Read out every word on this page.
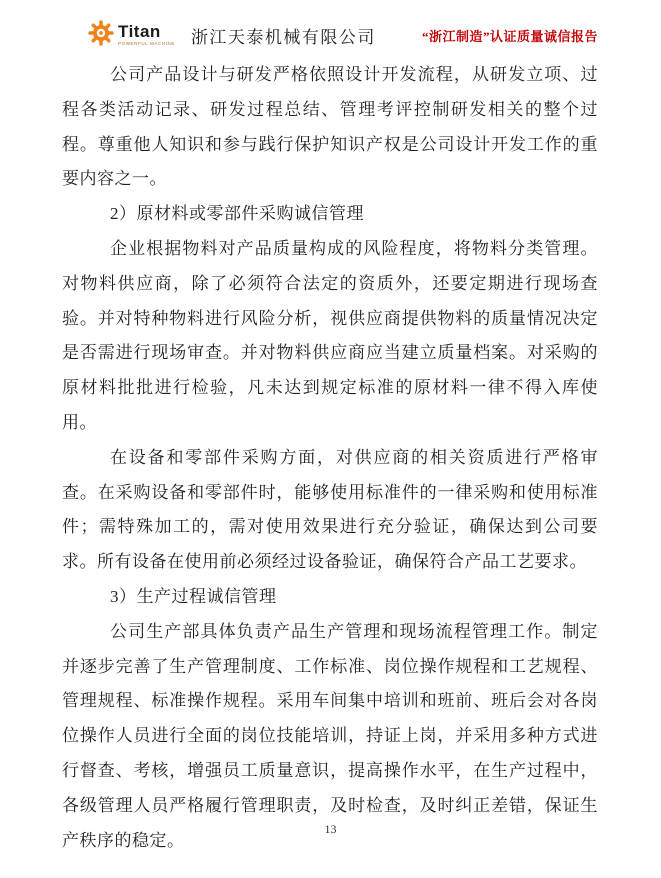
Titan
POWERFUL MACHINE 浙江天泰机械有限公司	“浙江制造”认证质量诚信报告

公司产品设计与研发严格依照设计开发流程，从研发立项、过程各类活动记录、研发过程总结、管理考评控制研发相关的整个过程。尊重他人知识和参与践行保护知识产权是公司设计开发工作的重要内容之一。

2）原材料或零部件采购诚信管理

企业根据物料对产品质量构成的风险程度，将物料分类管理。对物料供应商，除了必须符合法定的资质外，还要定期进行现场查验。并对特种物料进行风险分析，视供应商提供物料的质量情况决定是否需进行现场审查。并对物料供应商应当建立质量档案。对采购的原材料批批进行检验，凡未达到规定标准的原材料一律不得入库使用。

在设备和零部件采购方面，对供应商的相关资质进行严格审查。在采购设备和零部件时，能够使用标准件的一律采购和使用标准件；需特殊加工的，需对使用效果进行充分验证，确保达到公司要求。所有设备在使用前必须经过设备验证，确保符合产品工艺要求。

3）生产过程诚信管理

公司生产部具体负责产品生产管理和现场流程管理工作。制定并逐步完善了生产管理制度、工作标准、岗位操作规程和工艺规程、管理规程、标准操作规程。采用车间集中培训和班前、班后会对各岗位操作人员进行全面的岗位技能培训，持证上岗，并采用多种方式进行督查、考核，增强员工质量意识，提高操作水平，在生产过程中，各级管理人员严格履行管理职责，及时检查，及时纠正差错，保证生产秩序的稳定。

13
